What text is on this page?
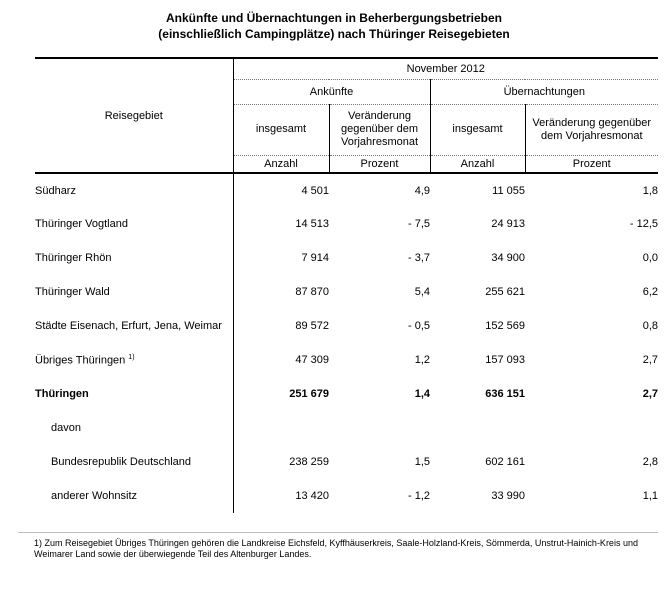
Ankünfte und Übernachtungen in Beherbergungsbetrieben
(einschließlich Campingplätze) nach Thüringer Reisegebieten
Reisegebiet	November 2012			
	Ankünfte		Übernachtungen	
	insgesamt	Veränderung gegenüber dem Vorjahresmonat	insgesamt	Veränderung gegenüber dem Vorjahresmonat
	Anzahl	Prozent	Anzahl	Prozent
Südharz	4 501	4,9	11 055	1,8
Thüringer Vogtland	14 513	- 7,5	24 913	- 12,5
Thüringer Rhön	7 914	- 3,7	34 900	0,0
Thüringer Wald	87 870	5,4	255 621	6,2
Städte Eisenach, Erfurt, Jena, Weimar	89 572	- 0,5	152 569	0,8
Übriges Thüringen $^{1)}$	47 309	1,2	157 093	2,7
Thüringen	251 679	1,4	636 151	2,7
davon				
Bundesrepublik Deutschland	238 259	1,5	602 161	2,8
anderer Wohnsitz	13 420	- 1,2	33 990	1,1
1) Zum Reisegebiet Übriges Thüringen gehören die Landkreise Eichsfeld, Kyffhäuserkreis, Saale-Holzland-Kreis, Sömmerda, Unstrut-Hainich-Kreis und
Weimarer Land sowie der überwiegende Teil des Altenburger Landes.
